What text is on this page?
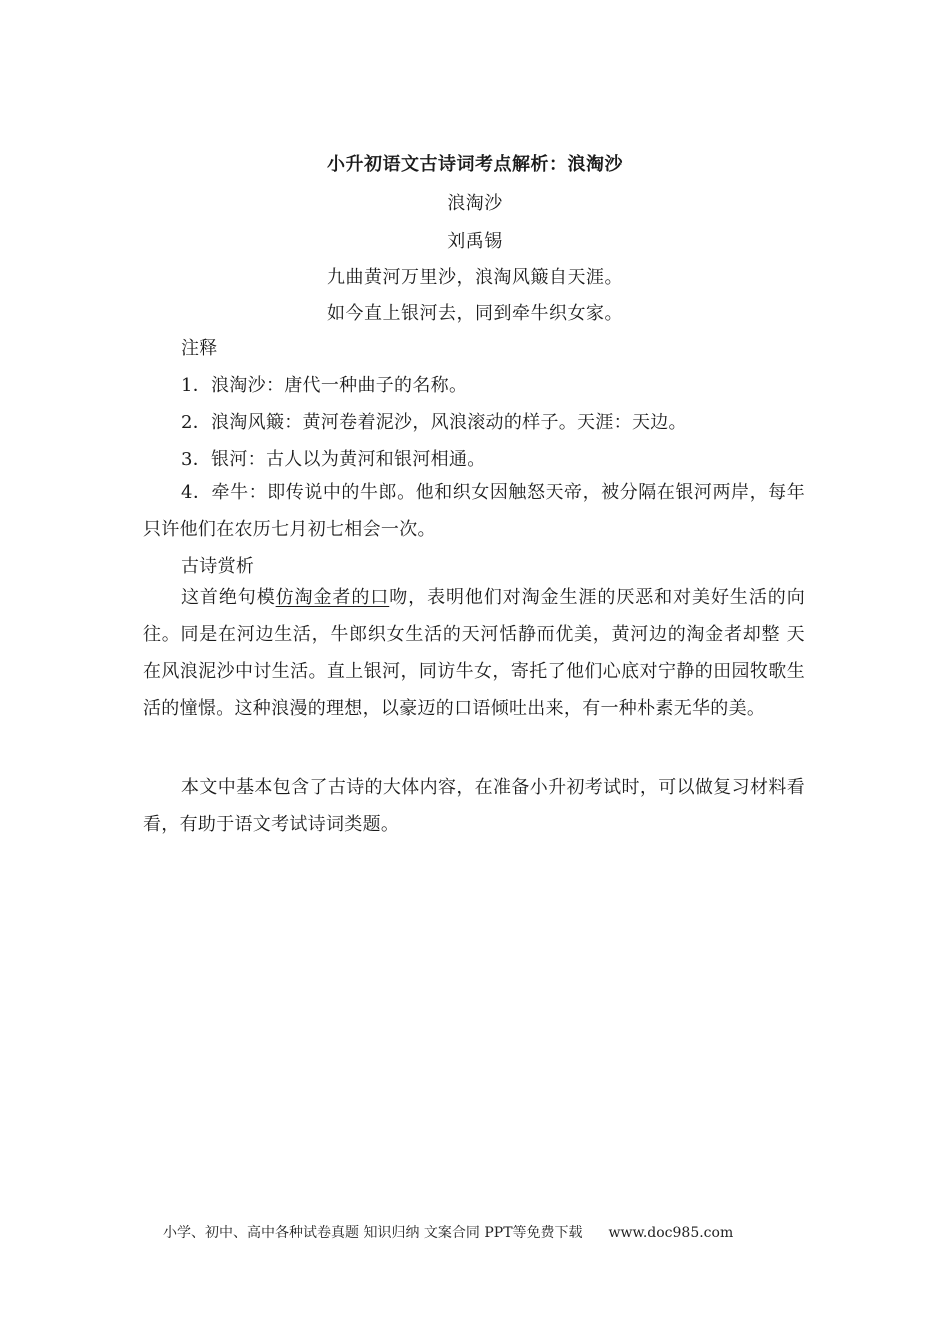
小升初语文古诗词考点解析：浪淘沙
浪淘沙
刘禹锡
九曲黄河万里沙，浪淘风簸自天涯。
如今直上银河去，同到牵牛织女家。
注释
1．浪淘沙：唐代一种曲子的名称。
2．浪淘风簸：黄河卷着泥沙，风浪滚动的样子。天涯：天边。
3．银河：古人以为黄河和银河相通。
4．牵牛：即传说中的牛郎。他和织女因触怒天帝，被分隔在银河两岸，每年只许他们在农历七月初七相会一次。
古诗赏析
这首绝句模仿淘金者的口吻，表明他们对淘金生涯的厌恶和对美好生活的向往。同是在河边生活，牛郎织女生活的天河恬静而优美，黄河边的淘金者却整 天在风浪泥沙中讨生活。直上银河，同访牛女，寄托了他们心底对宁静的田园牧歌生活的憧憬。这种浪漫的理想，以豪迈的口语倾吐出来，有一种朴素无华的美。
本文中基本包含了古诗的大体内容，在准备小升初考试时，可以做复习材料看看，有助于语文考试诗词类题。
小学、初中、高中各种试卷真题 知识归纳 文案合同 PPT等免费下载 www.doc985.com
